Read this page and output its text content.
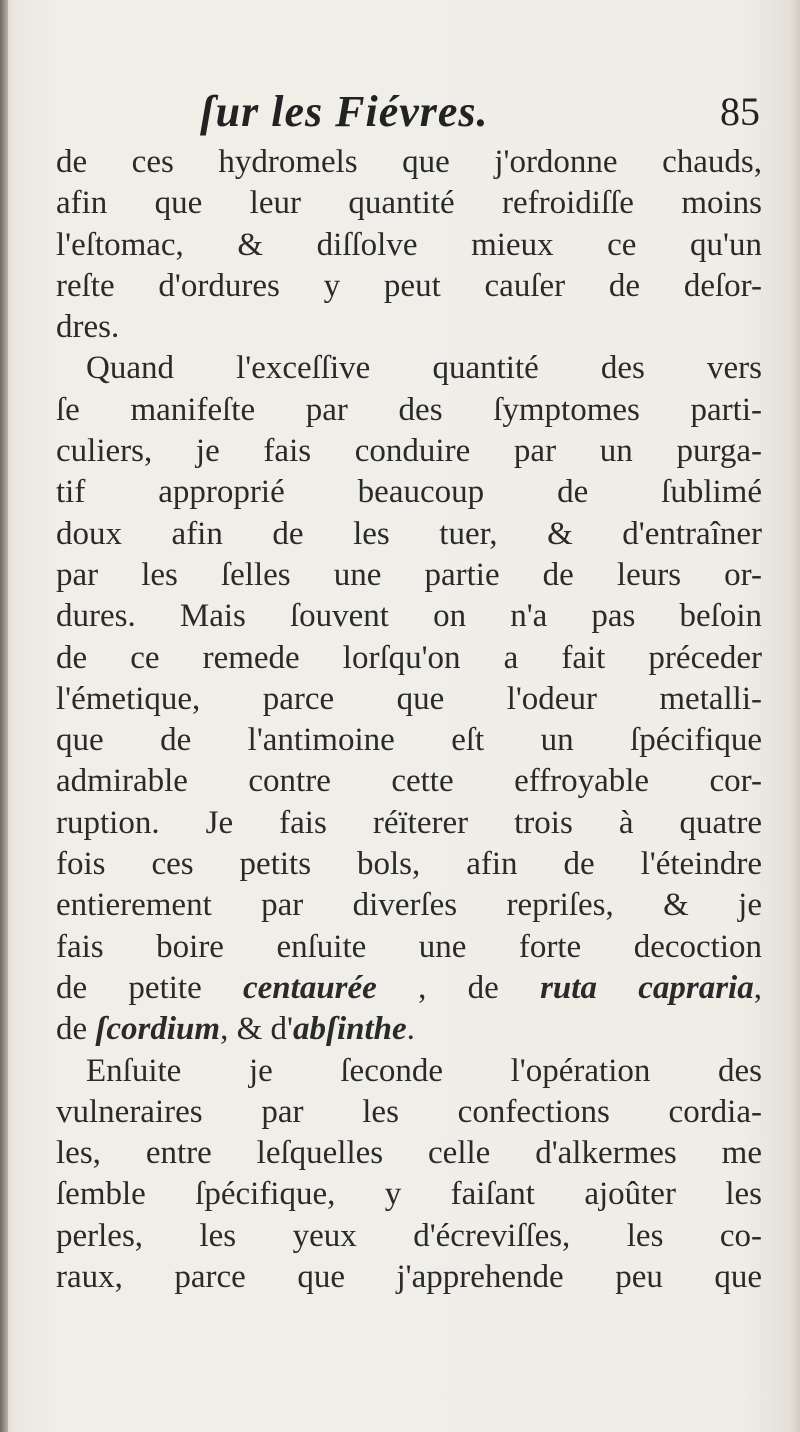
ſur les Fiévres.	85
de ces hydromels que j'ordonne chauds,
afin que leur quantité refroidiſſe moins
l'eſtomac, & diſſolve mieux ce qu'un
reſte d'ordures y peut cauſer de deſor-
dres.
Quand l'exceſſive quantité des vers
ſe manifeſte par des ſymptomes parti-
culiers, je fais conduire par un purga-
tif approprié beaucoup de ſublimé
doux afin de les tuer, & d'entraîner
par les ſelles une partie de leurs or-
dures. Mais ſouvent on n'a pas beſoin
de ce remede lorſqu'on a fait préceder
l'émetique, parce que l'odeur metalli-
que de l'antimoine eſt un ſpécifique
admirable contre cette effroyable cor-
ruption. Je fais réïterer trois à quatre
fois ces petits bols, afin de l'éteindre
entierement par diverſes repriſes, & je
fais boire enſuite une forte decoction
de petite centaurée , de ruta capraria,
de ſcordium, & d'abſinthe.
Enſuite je ſeconde l'opération des
vulneraires par les confections cordia-
les, entre leſquelles celle d'alkermes me
ſemble ſpécifique, y faiſant ajoûter les
perles, les yeux d'écreviſſes, les co-
raux, parce que j'apprehende peu que
